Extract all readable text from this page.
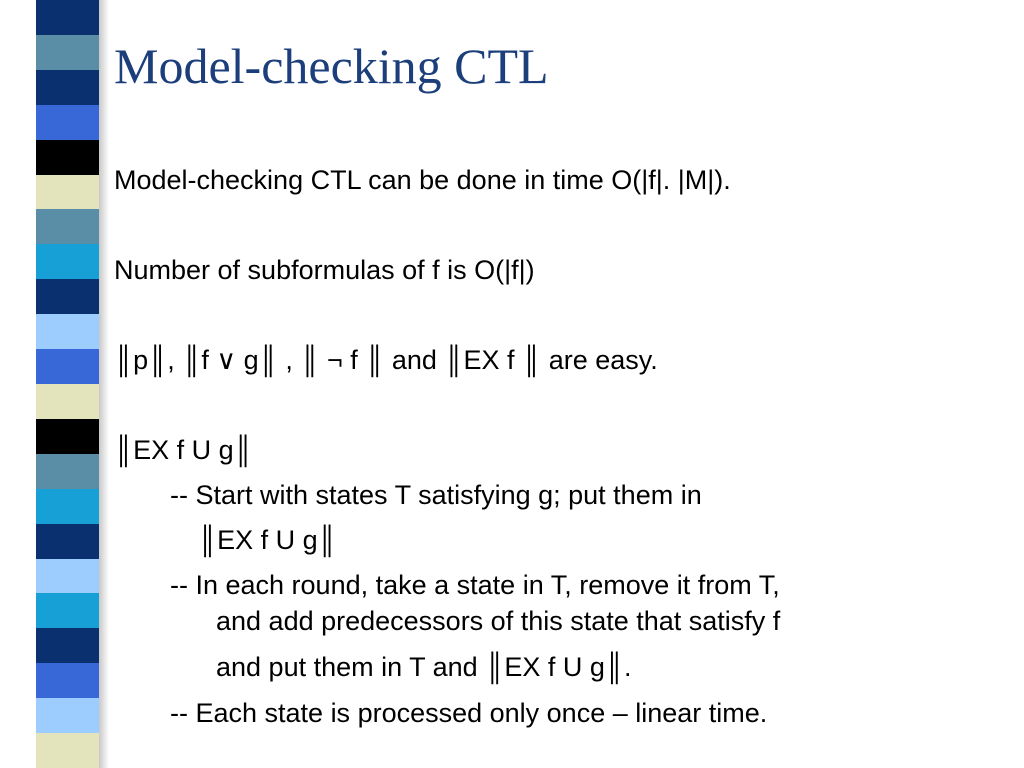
Model-checking CTL
Model-checking CTL can be done in time O(|f|. |M|).
Number of subformulas of f is O(|f|)
║p║, ║f ∨ g║ , ║ ¬ f ║ and ║EX f ║ are easy.
║EX f U g║
-- Start with states T satisfying g; put them in
║EX f U g║
-- In each round, take a state in T, remove it from T,
and add predecessors of this state that satisfy f
and put them in T and ║EX f U g║.
-- Each state is processed only once – linear time.
